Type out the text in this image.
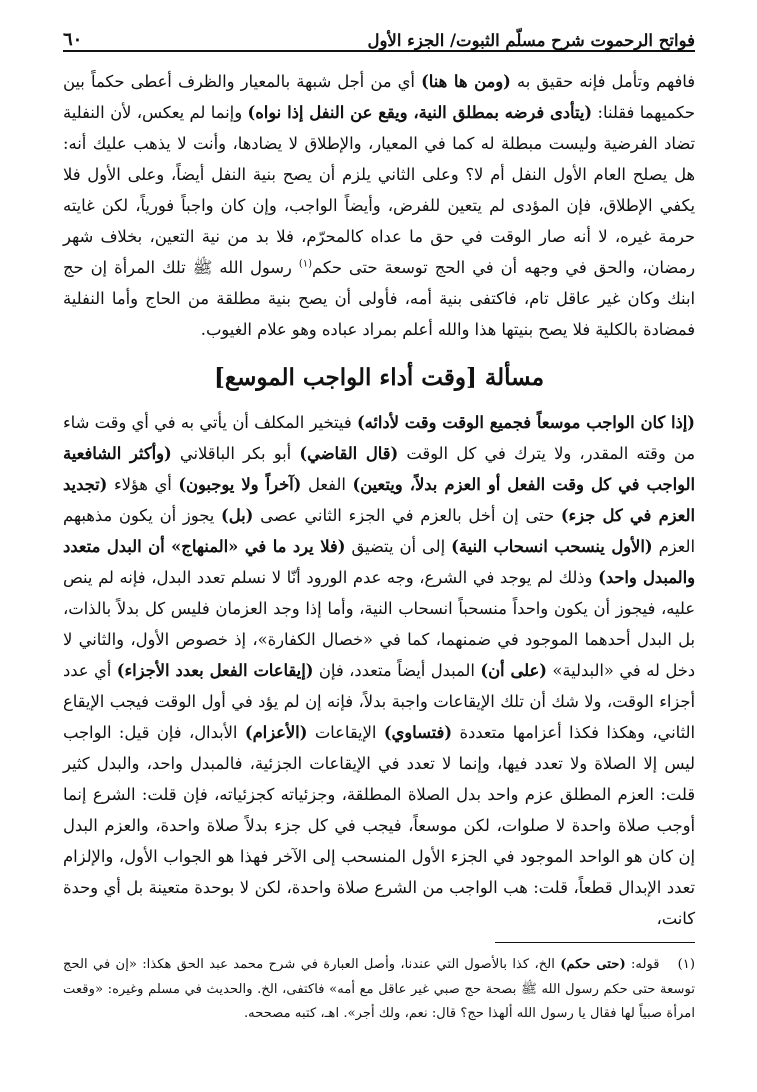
فواتح الرحموت شرح مسلّم الثبوت/ الجزء الأول
٦٠

فافهم وتأمل فإنه حقيق به (ومن ها هنا) أي من أجل شبهة بالمعيار والظرف أعطى حكماً بين حكميهما فقلنا: (يتأدى فرضه بمطلق النية، ويقع عن النفل إذا نواه) وإنما لم يعكس، لأن النفلية تضاد الفرضية وليست مبطلة له كما في المعيار، والإطلاق لا يضادها، وأنت لا يذهب عليك أنه: هل يصلح العام الأول النفل أم لا؟ وعلى الثاني يلزم أن يصح بنية النفل أيضاً، وعلى الأول فلا يكفي الإطلاق، فإن المؤدى لم يتعين للفرض، وأيضاً الواجب، وإن كان واجباً فورياً، لكن غايته حرمة غيره، لا أنه صار الوقت في حق ما عداه كالمحرّم، فلا بد من نية التعين، بخلاف شهر رمضان، والحق في وجهه أن في الحج توسعة حتى حكم$^{(١)}$ رسول الله ﷺ تلك المرأة إن حج ابنك وكان غير عاقل تام، فاكتفى بنية أمه، فأولى أن يصح بنية مطلقة من الحاج وأما النفلية فمضادة بالكلية فلا يصح بنيتها هذا والله أعلم بمراد عباده وهو علام الغيوب.

مسألة [وقت أداء الواجب الموسع]

(إذا كان الواجب موسعاً فجميع الوقت وقت لأدائه) فيتخير المكلف أن يأتي به في أي وقت شاء من وقته المقدر، ولا يترك في كل الوقت (قال القاضي) أبو بكر الباقلاني (وأكثر الشافعية الواجب في كل وقت الفعل أو العزم بدلاً، ويتعين) الفعل (آخراً ولا يوجبون) أي هؤلاء (تجديد العزم في كل جزء) حتى إن أخل بالعزم في الجزء الثاني عصى (بل) يجوز أن يكون مذهبهم العزم (الأول ينسحب انسحاب النية) إلى أن يتضيق (فلا يرد ما في «المنهاج» أن البدل متعدد والمبدل واحد) وذلك لم يوجد في الشرع، وجه عدم الورود أنّا لا نسلم تعدد البدل، فإنه لم ينص عليه، فيجوز أن يكون واحداً منسحباً انسحاب النية، وأما إذا وجد العزمان فليس كل بدلاً بالذات، بل البدل أحدهما الموجود في ضمنهما، كما في «خصال الكفارة»، إذ خصوص الأول، والثاني لا دخل له في «البدلية» (على أن) المبدل أيضاً متعدد، فإن (إيقاعات الفعل بعدد الأجزاء) أي عدد أجزاء الوقت، ولا شك أن تلك الإيقاعات واجبة بدلاً، فإنه إن لم يؤد في أول الوقت فيجب الإيقاع الثاني، وهكذا فكذا أعزامها متعددة (فتساوي) الإيقاعات (الأعزام) الأبدال، فإن قيل: الواجب ليس إلا الصلاة ولا تعدد فيها، وإنما لا تعدد في الإيقاعات الجزئية، فالمبدل واحد، والبدل كثير قلت: العزم المطلق عزم واحد بدل الصلاة المطلقة، وجزئياته كجزئياته، فإن قلت: الشرع إنما أوجب صلاة واحدة لا صلوات، لكن موسعاً، فيجب في كل جزء بدلاً صلاة واحدة، والعزم البدل إن كان هو الواحد الموجود في الجزء الأول المنسحب إلى الآخر فهذا هو الجواب الأول، والإلزام تعدد الإبدال قطعاً، قلت: هب الواجب من الشرع صلاة واحدة، لكن لا بوحدة متعينة بل أي وحدة كانت،

(١)قوله: (حتى حكم) الخ، كذا بالأصول التي عندنا، وأصل العبارة في شرح محمد عبد الحق هكذا: «إن في الحج توسعة حتى حكم رسول الله ﷺ بصحة حج صبي غير عاقل مع أمه» فاكتفى، الخ. والحديث في مسلم وغيره: «وقعت امرأة صبياً لها فقال يا رسول الله ألهذا حج؟ قال: نعم، ولك أجر». اهـ، كتبه مصححه.
